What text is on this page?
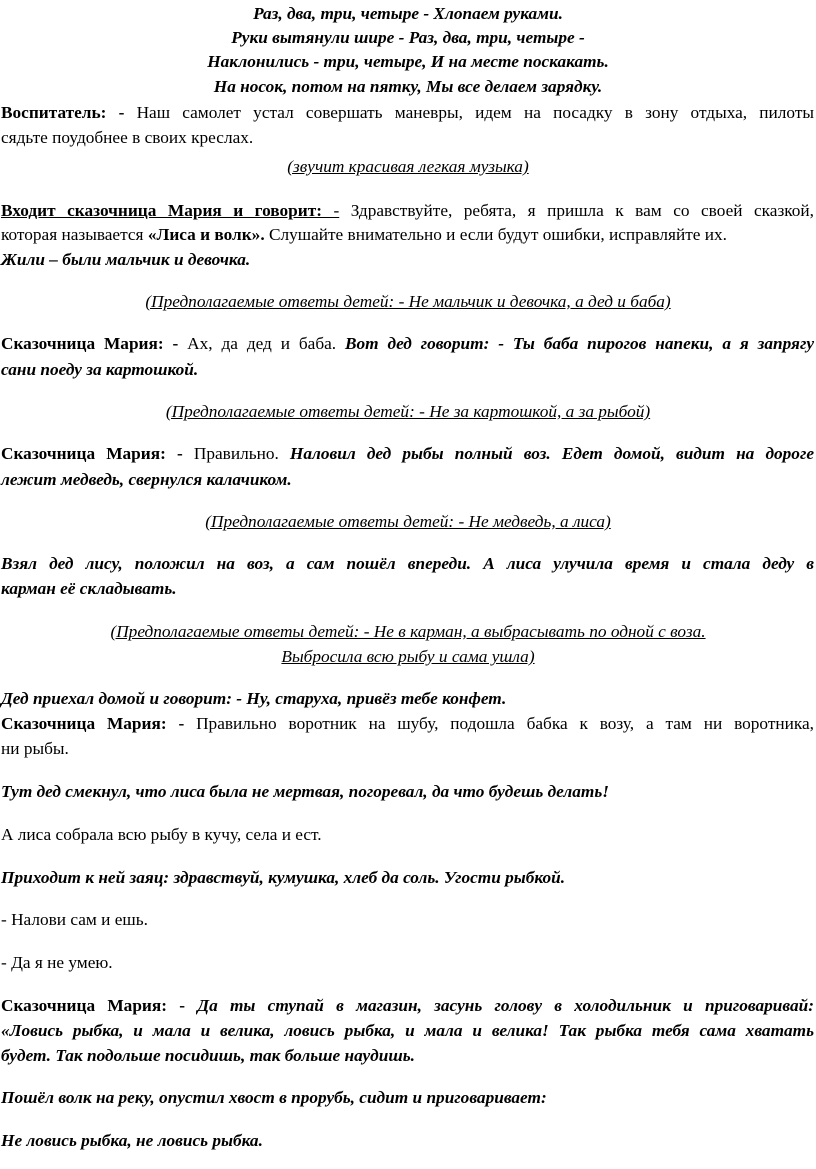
Раз, два, три, четыре - Хлопаем руками.
Руки вытянули шире - Раз, два, три, четыре -
Наклонились - три, четыре, И на месте поскакать.
На носок, потом на пятку, Мы все делаем зарядку.
Воспитатель: - Наш самолет устал совершать маневры, идем на посадку в зону отдыха, пилоты
сядьте поудобнее в своих креслах.
(звучит красивая легкая музыка)
Входит сказочница Мария и говорит: - Здравствуйте, ребята, я пришла к вам со своей сказкой,
которая называется «Лиса и волк». Слушайте внимательно и если будут ошибки, исправляйте их.
Жили – были мальчик и девочка.
(Предполагаемые ответы детей: - Не мальчик и девочка, а дед и баба)
Сказочница Мария: - Ах, да дед и баба. Вот дед говорит: - Ты баба пирогов напеки, а я запрягу
сани поеду за картошкой.
(Предполагаемые ответы детей: - Не за картошкой, а за рыбой)
Сказочница Мария: - Правильно. Наловил дед рыбы полный воз. Едет домой, видит на дороге
лежит медведь, свернулся калачиком.
(Предполагаемые ответы детей: - Не медведь, а лиса)
Взял дед лису, положил на воз, а сам пошёл впереди. А лиса улучила время и стала деду в
карман её складывать.
(Предполагаемые ответы детей: - Не в карман, а выбрасывать по одной с воза.
Выбросила всю рыбу и сама ушла)
Дед приехал домой и говорит: - Ну, старуха, привёз тебе конфет.
Сказочница Мария: - Правильно воротник на шубу, подошла бабка к возу, а там ни воротника,
ни рыбы.
Тут дед смекнул, что лиса была не мертвая, погоревал, да что будешь делать!
А лиса собрала всю рыбу в кучу, села и ест.
Приходит к ней заяц: здравствуй, кумушка, хлеб да соль. Угости рыбкой.
- Налови сам и ешь.
- Да я не умею.
Сказочница Мария: - Да ты ступай в магазин, засунь голову в холодильник и приговаривай:
«Ловись рыбка, и мала и велика, ловись рыбка, и мала и велика! Так рыбка тебя сама хватать
будет. Так подольше посидишь, так больше наудишь.
Пошёл волк на реку, опустил хвост в прорубь, сидит и приговаривает:
Не ловись рыбка, не ловись рыбка.
